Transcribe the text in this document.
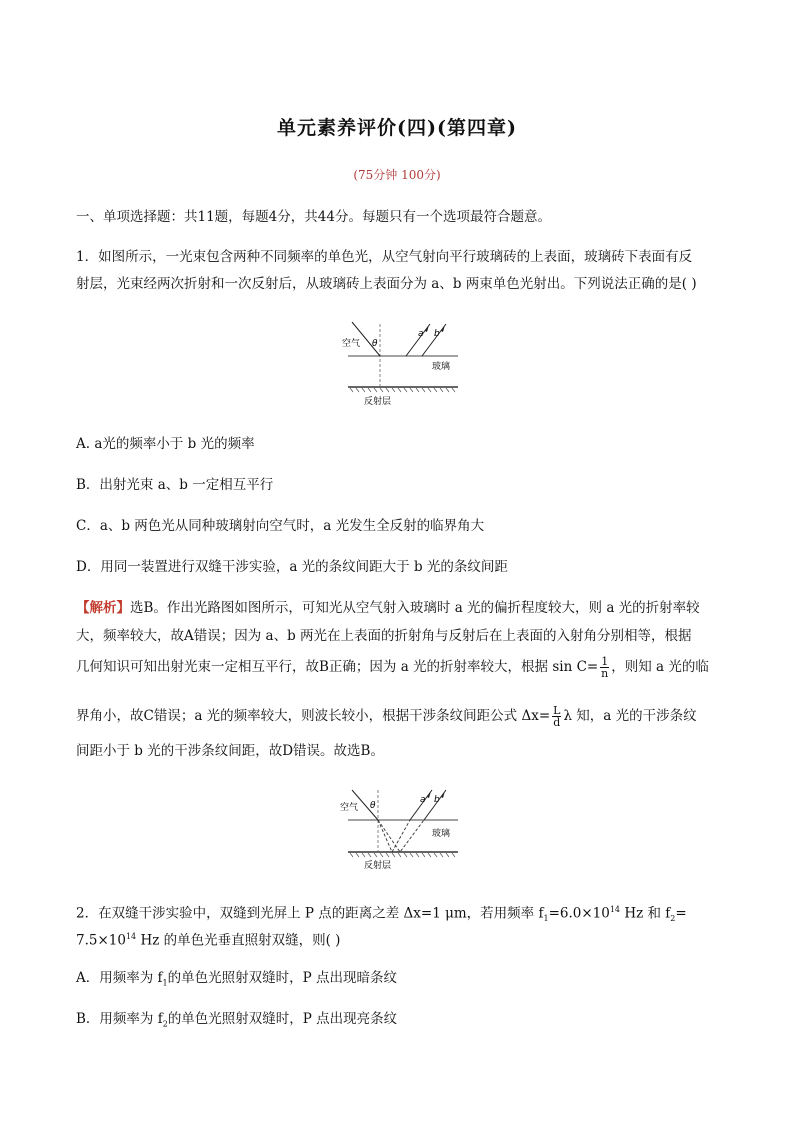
单元素养评价(四)(第四章)
(75分钟 100分)
一、单项选择题：共11题，每题4分，共44分。每题只有一个选项最符合题意。
1．如图所示，一光束包含两种不同频率的单色光，从空气射向平行玻璃砖的上表面，玻璃砖下表面有反
射层，光束经两次折射和一次反射后，从玻璃砖上表面分为 a、b 两束单色光射出。下列说法正确的是( )
空气 θ
a b
玻璃
反射层
A. a光的频率小于 b 光的频率
B．出射光束 a、b 一定相互平行
C．a、b 两色光从同种玻璃射向空气时，a 光发生全反射的临界角大
D．用同一装置进行双缝干涉实验，a 光的条纹间距大于 b 光的条纹间距
【解析】选B。作出光路图如图所示，可知光从空气射入玻璃时 a 光的偏折程度较大，则 a 光的折射率较
大，频率较大，故A错误；因为 a、b 两光在上表面的折射角与反射后在上表面的入射角分别相等，根据
几何知识可知出射光束一定相互平行，故B正确；因为 a 光的折射率较大，根据 $\sin C= \frac{1}{n}$ ，则知 a 光的临
界角小，故C错误；a 光的频率较大，则波长较小，根据干涉条纹间距公式 $\Delta x= \frac{L}{d}$ λ 知，a 光的干涉条纹
间距小于 b 光的干涉条纹间距，故D错误。故选B。
空气 θ
a b
玻璃
反射层
2．在双缝干涉实验中，双缝到光屏上 P 点的距离之差 Δx=1 μm，若用频率 $f_1=6.0\times 10^{14}$ Hz 和 $f_2=$
$7.5\times 10^{14}$ Hz 的单色光垂直照射双缝，则( )
A．用频率为 $f_1$的单色光照射双缝时，P 点出现暗条纹
B．用频率为 $f_2$的单色光照射双缝时，P 点出现亮条纹
